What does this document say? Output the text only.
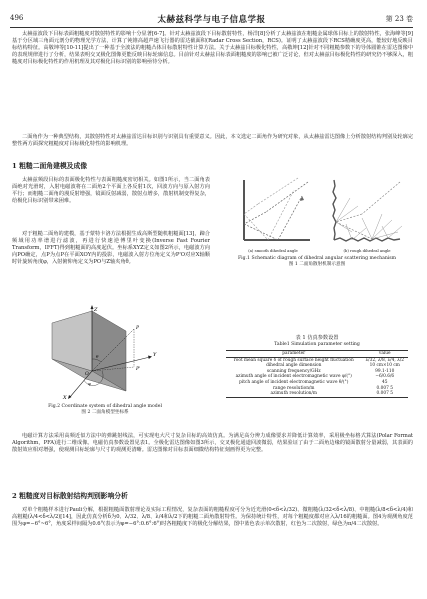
496	太赫兹科学与电子信息学报	第 23 卷

太赫兹波段下目标表面粗糙度对散射特性的影响十分显著[6-7]。针对太赫兹波段下目标散射特性，杨洋[8]分析了太赫兹波在粗糙金属球体目标上的散射特性，张海峰等[9]基于分区域三角面元剖分的物理光学方法，计算了钝锥高超声速飞行器的雷达截面积(Radar Cross Section，RCS)。证明了太赫兹波段下RCS精确度更高，能较好地反映目标结构特征。高敬坤等[10-11]提出了一种基于全波法的粗糙凸体目标散射特性计算方法。关于太赫兹目标极化特性，高敬坤[12]针对不同粗糙参数下的导体圆锥在雷达图像中的表现规律进行了分析，结果表明交叉极化图像更能反映目标轮廓信息。目前针对太赫兹目标表面粗糙度的影响已被广泛讨论，但对太赫兹目标极化特性的研究仍不够深入，粗糙度对目标极化特性的作用机理及其对极化目标识别的影响亟待分析。

二面角作为一种典型结构，其散射特性对太赫兹雷达目标识别与识别具有重要意义。因此，本文选定二面角作为研究对象，从太赫兹雷达图像上分析散射结构判别及轮廓完整性两方面探究粗糙度对目标极化特性的影响机理。

1 粗糙二面角建模及成像

太赫兹频段目标的表面极化特性与表面粗糙度密切相关。如图1所示，当二面角表面绝对光滑时，入射电磁波将在二面角2个平面上各反射1次，回波方向与原入射方向平行；而粗糙二面角的漫反射增强，镜面反射减弱，散射点增多，散射机制变得复杂，给极化目标识别带来困难。

对于粗糙二面角的建模，基于蒙特卡洛方法根据生成高斯型随机粗糙面[13]，蹄合频域用功率谱进行滤波，再进行快速逆傅里叶变换(Inverse Fast Fourier Transform，IFFT)得到粗糙面的高度起伏。坐标系XYZ定义如图2所示，电磁波方向向PO确定，点P为点P在平面XOY内的投影，电磁波入射方位角定义为P'O对应X轴顺时针旋转角度φ，入射俯仰角定义为PO与Z轴夹角θ。

(a) smooth dihedral angle	(b) rough dihedral angle
Fig.1 Schematic diagram of dihedral angular scattering mechanism
图 1 二面角散射机制示意图
Z
Y
X
O
P
P'
θ
φ
Fig.2 Coordinate system of dihedral angle model
图 2 二面角模型坐标系
表 1 仿真参数设置
Table1 Simulation parameter setting
parameter	value
root mean square δ of rough surface height fluctuation	λ/32, λ/8, λ/4, λ/2
dihedral angle dimension	10 cm×10 cm
scanning frequency/GHz	99.1-110
azimuth angle of incident electromagnetic wave φ/(°)	−6/0.6/6
pitch angle of incident electromagnetic wave θ/(°)	45
range resolution/m	0.007 5
azimuth resolution/m	0.007 5

电磁计算方法采用高频近似方法中的弹跳射线法，可实现电大尺寸复杂目标的高效仿真。为满足高分辨力成像要求并降低计算效率，采用极坐标格式算法(Polar Format Algorithm，PFA)进行二维成像。电磁仿真参数设置见表1。全极化雷达图像如图3所示，交叉极化通道回波微弱，结果验证了由于二面角边缘的镜面散射分量减弱，其表面的散射效应相对增强，使观测目标轮廓与尺寸的观测更清晰。雷达图像对目标表面细微结构特征刻画得更为完整。

2 粗糙度对目标散射结构判别影响分析

对单个粗糙样本进行Pauli分解，根据粗糙面散射理论及实际工程情况，复杂表面的粗糙程度可分为近光滑(0<δ<λ/32)、微粗糙(λ/32<δ<λ/8)、中粗糙(λ/8<δ<λ/4)和高粗糙(λ/4<δ<λ/2)[14]，因此仿真分析δ为0、λ/32、λ/8、λ/4和λ/2下的粗糙二面角散射特性。为保持统计特性，对每个粗糙度都对应入λ/16的粗糙面。图4为观测角度范围为φ=−6°~6°，角度采样间隔为0.6°(表示为φ=−6°:0.6°:6°)时各粗糙度下的极化分解结果，图中蓝色表示单次散射，红色为二次散射，绿色为π/4二次散射。
